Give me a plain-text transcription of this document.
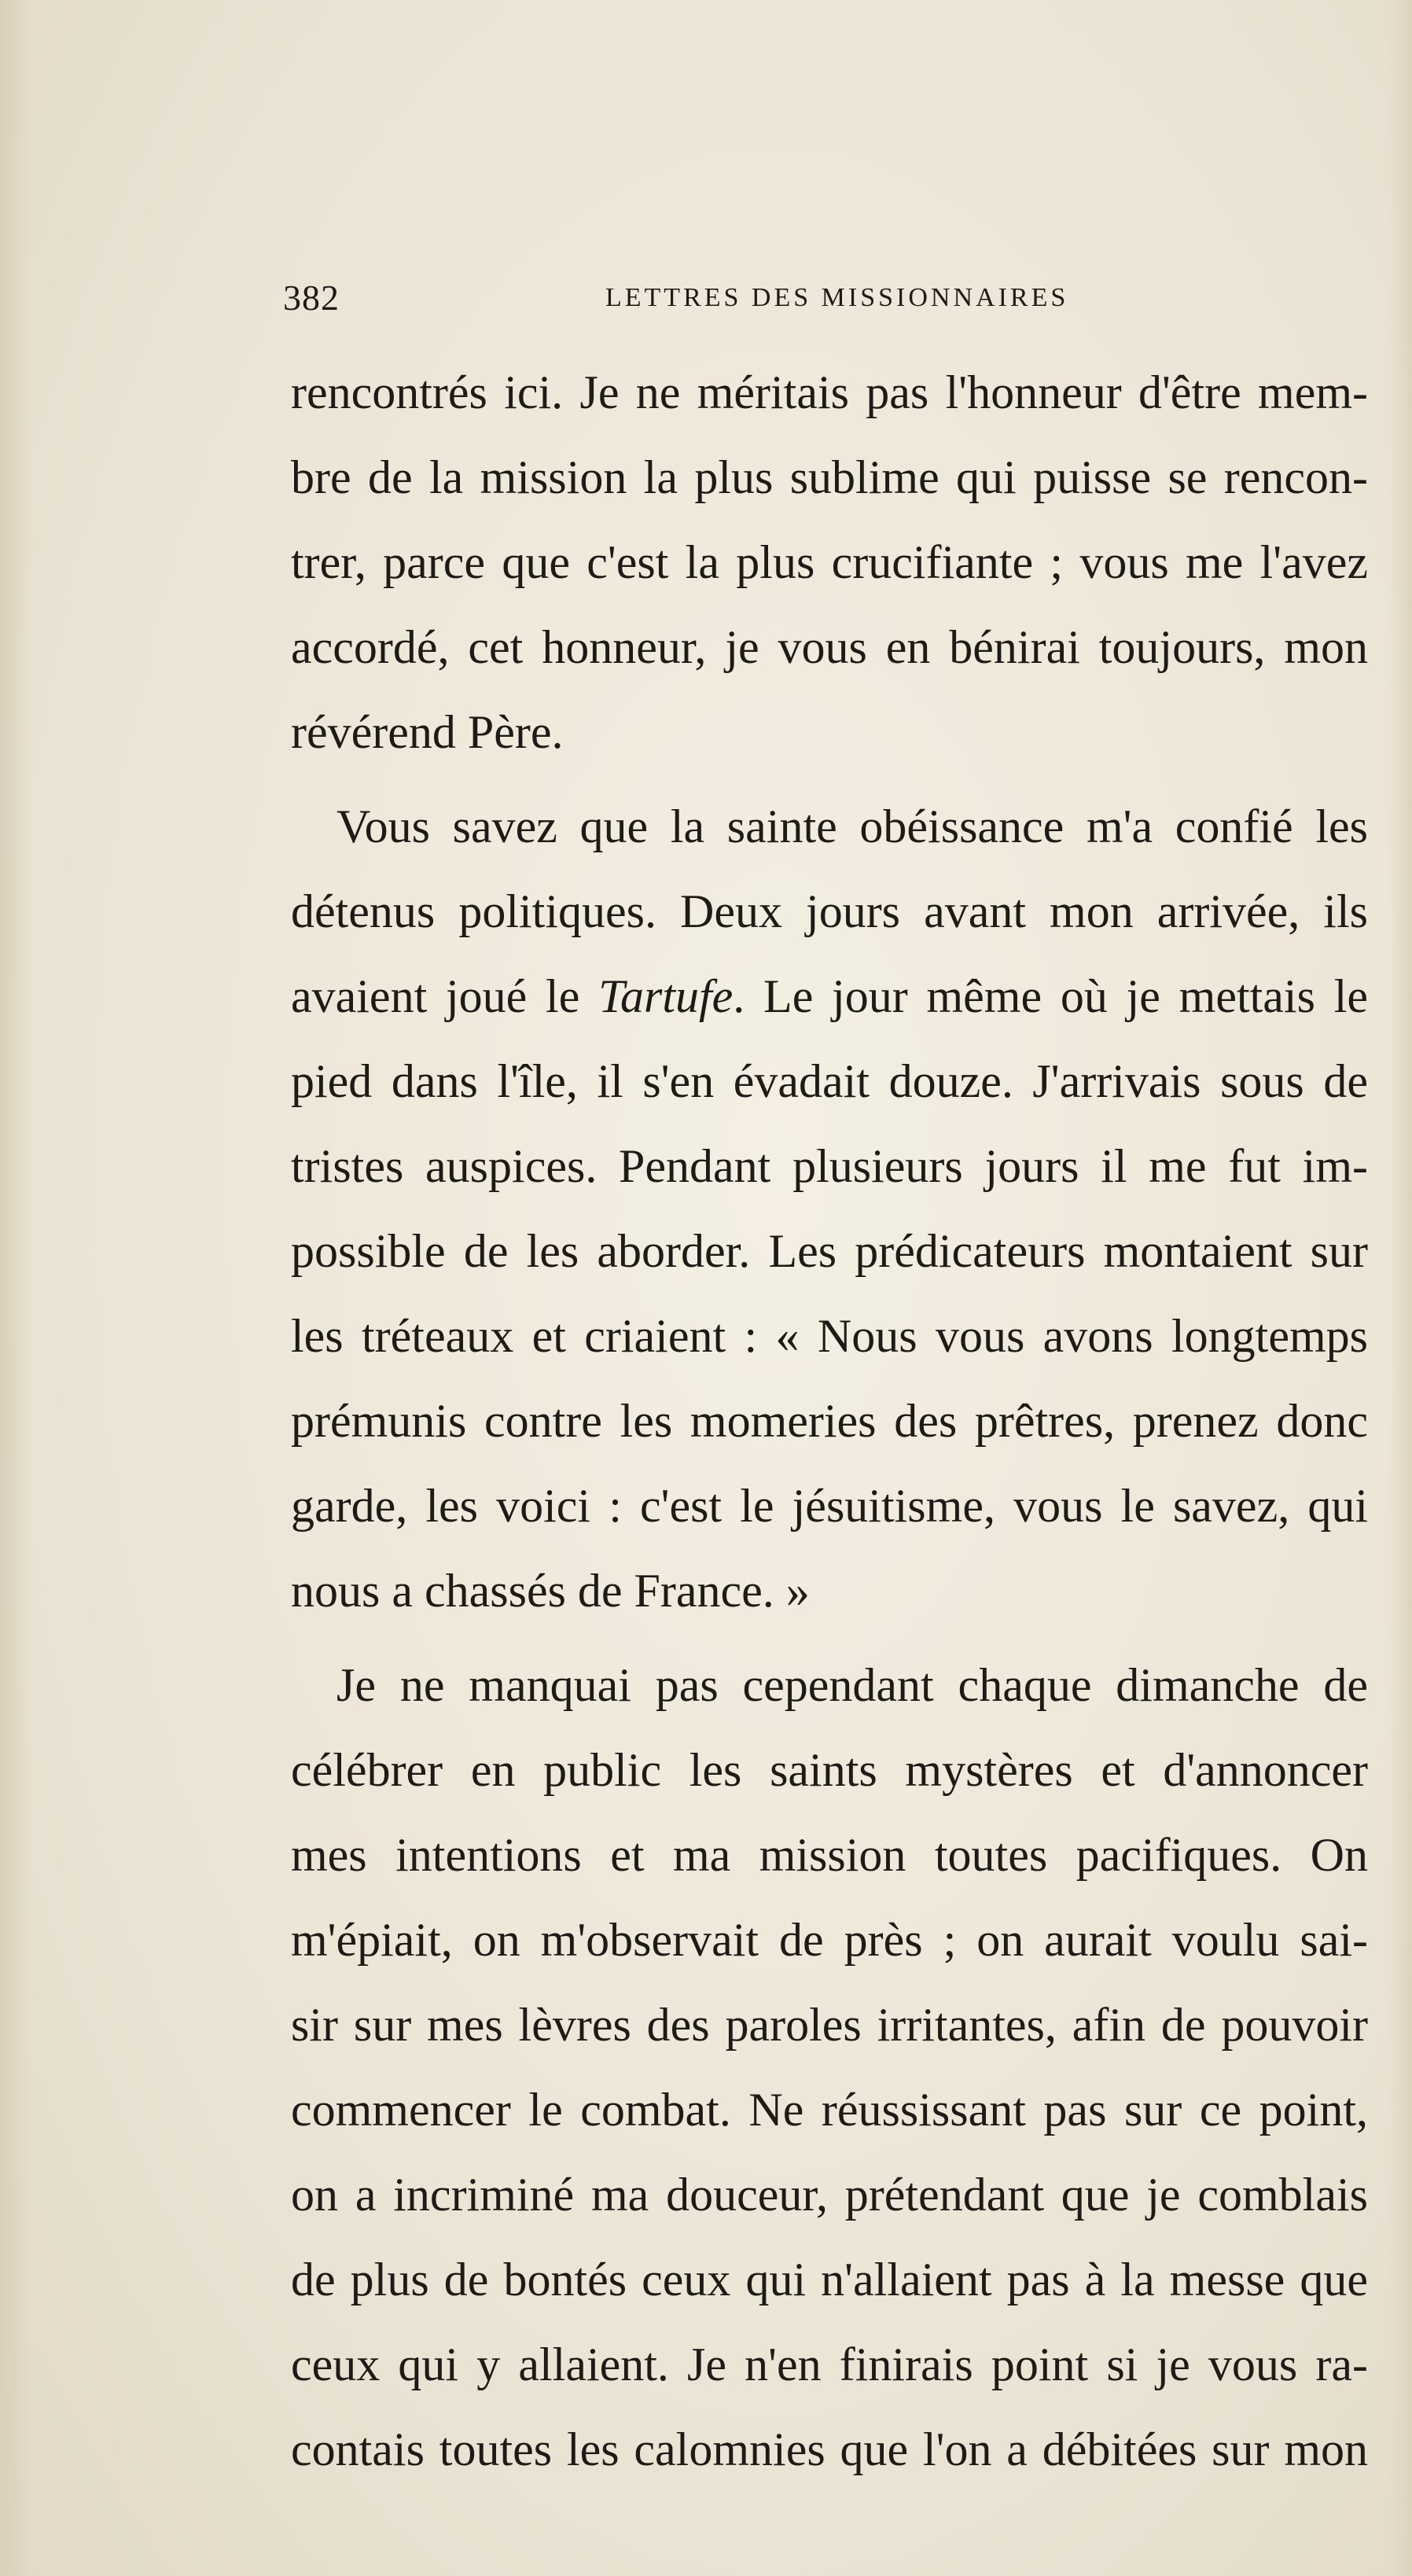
382	LETTRES DES MISSIONNAIRES
rencontrés ici. Je ne méritais pas l'honneur d'être mem-
bre de la mission la plus sublime qui puisse se rencon-
trer, parce que c'est la plus crucifiante ; vous me l'avez
accordé, cet honneur, je vous en bénirai toujours, mon
révérend Père.
Vous savez que la sainte obéissance m'a confié les
détenus politiques. Deux jours avant mon arrivée, ils
avaient joué le Tartufe. Le jour même où je mettais le
pied dans l'île, il s'en évadait douze. J'arrivais sous de
tristes auspices. Pendant plusieurs jours il me fut im-
possible de les aborder. Les prédicateurs montaient sur
les tréteaux et criaient : « Nous vous avons longtemps
prémunis contre les momeries des prêtres, prenez donc
garde, les voici : c'est le jésuitisme, vous le savez, qui
nous a chassés de France. »
Je ne manquai pas cependant chaque dimanche de
célébrer en public les saints mystères et d'annoncer
mes intentions et ma mission toutes pacifiques. On
m'épiait, on m'observait de près ; on aurait voulu sai-
sir sur mes lèvres des paroles irritantes, afin de pouvoir
commencer le combat. Ne réussissant pas sur ce point,
on a incriminé ma douceur, prétendant que je comblais
de plus de bontés ceux qui n'allaient pas à la messe que
ceux qui y allaient. Je n'en finirais point si je vous ra-
contais toutes les calomnies que l'on a débitées sur mon
